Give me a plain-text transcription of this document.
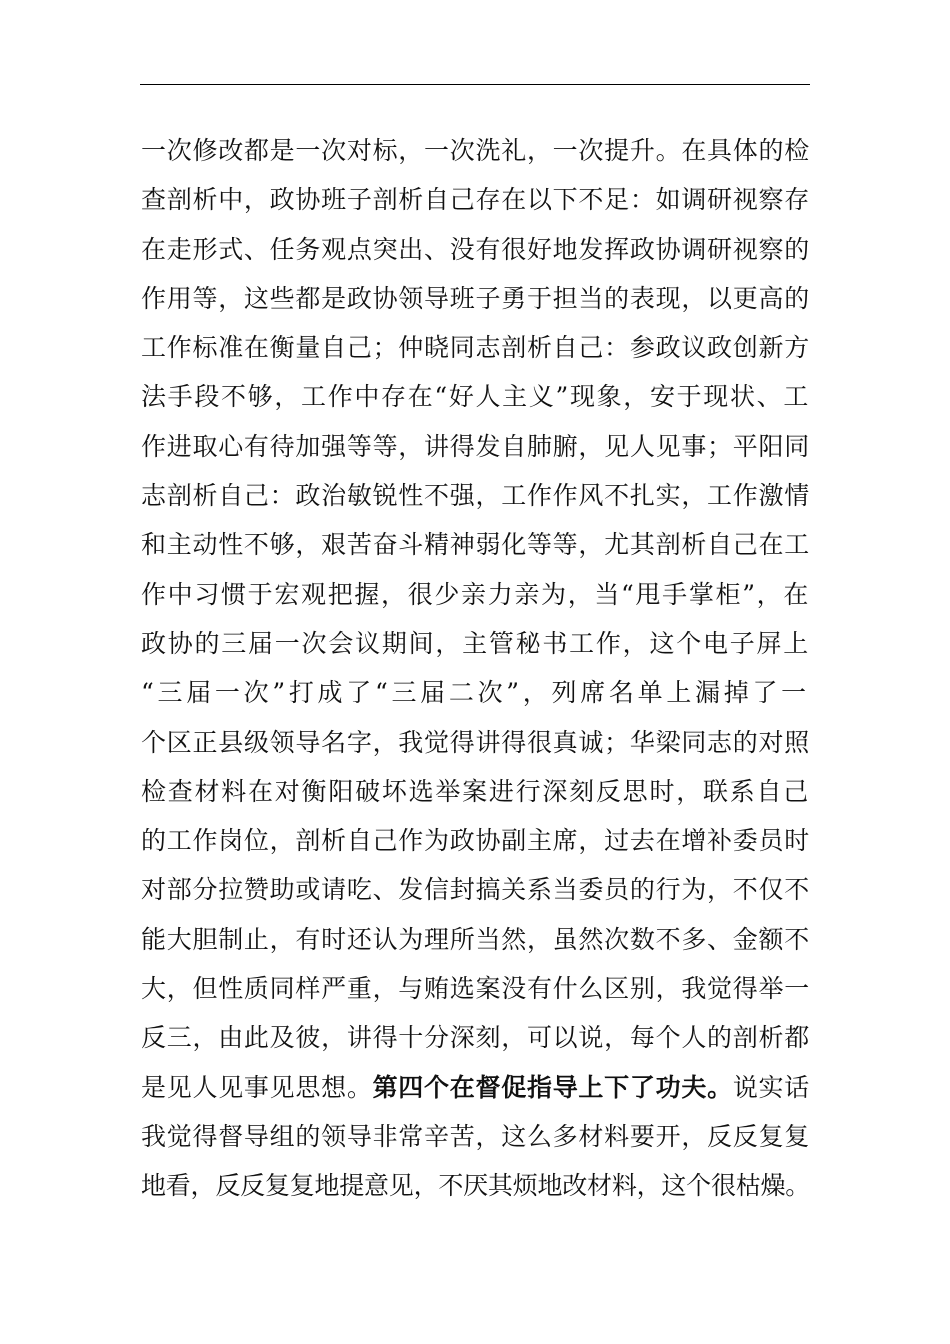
一次修改都是一次对标，一次洗礼，一次提升。在具体的检
查剖析中，政协班子剖析自己存在以下不足：如调研视察存
在走形式、任务观点突出、没有很好地发挥政协调研视察的
作用等，这些都是政协领导班子勇于担当的表现，以更高的
工作标准在衡量自己；仲晓同志剖析自己：参政议政创新方
法手段不够，工作中存在“好人主义”现象，安于现状、工
作进取心有待加强等等，讲得发自肺腑，见人见事；平阳同
志剖析自己：政治敏锐性不强，工作作风不扎实，工作激情
和主动性不够，艰苦奋斗精神弱化等等，尤其剖析自己在工
作中习惯于宏观把握，很少亲力亲为，当“甩手掌柜”，在
政协的三届一次会议期间，主管秘书工作，这个电子屏上
“三届一次”打成了“三届二次”，列席名单上漏掉了一
个区正县级领导名字，我觉得讲得很真诚；华梁同志的对照
检查材料在对衡阳破坏选举案进行深刻反思时，联系自己
的工作岗位，剖析自己作为政协副主席，过去在增补委员时
对部分拉赞助或请吃、发信封搞关系当委员的行为，不仅不
能大胆制止，有时还认为理所当然，虽然次数不多、金额不
大，但性质同样严重，与贿选案没有什么区别，我觉得举一
反三，由此及彼，讲得十分深刻，可以说，每个人的剖析都
是见人见事见思想。第四个在督促指导上下了功夫。说实话
我觉得督导组的领导非常辛苦，这么多材料要开，反反复复
地看，反反复复地提意见，不厌其烦地改材料，这个很枯燥。
